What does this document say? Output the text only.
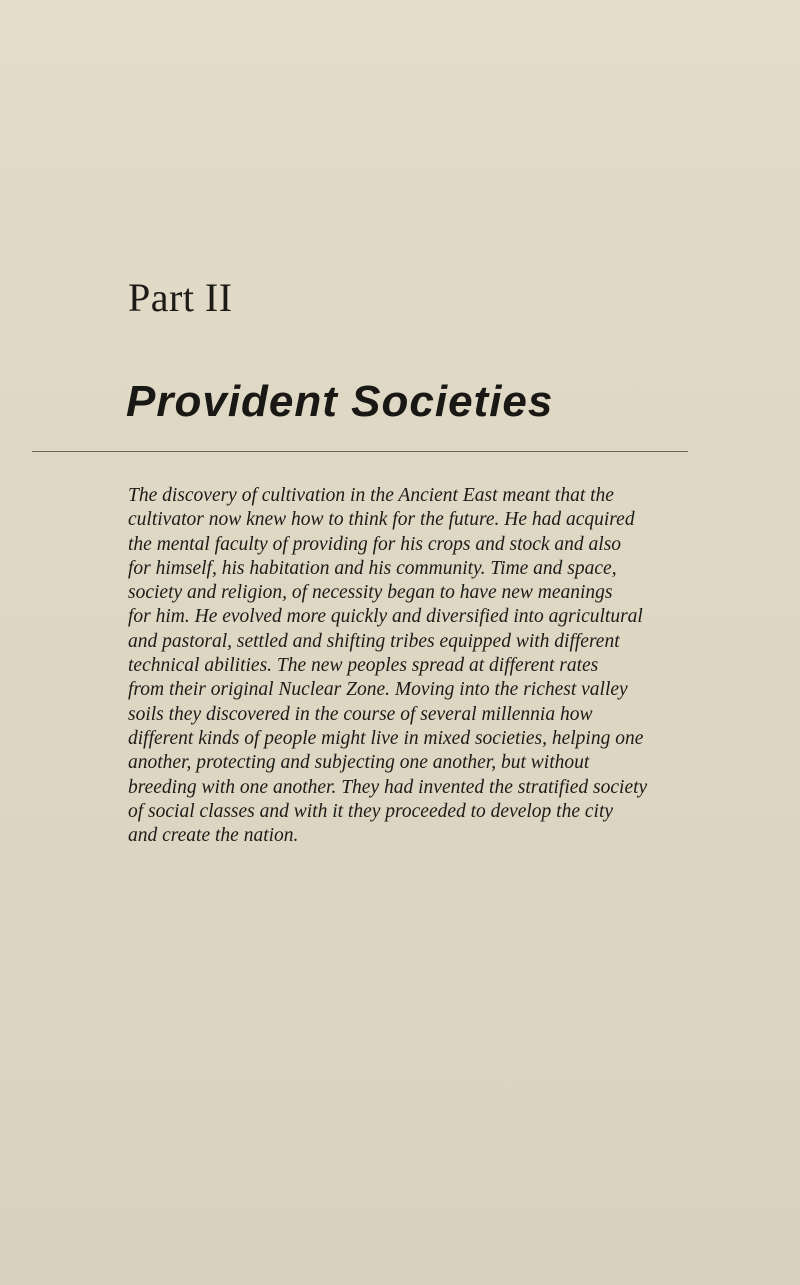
Part II
Provident Societies

The discovery of cultivation in the Ancient East meant that the
cultivator now knew how to think for the future. He had acquired
the mental faculty of providing for his crops and stock and also
for himself, his habitation and his community. Time and space,
society and religion, of necessity began to have new meanings
for him. He evolved more quickly and diversified into agricultural
and pastoral, settled and shifting tribes equipped with different
technical abilities. The new peoples spread at different rates
from their original Nuclear Zone. Moving into the richest valley
soils they discovered in the course of several millennia how
different kinds of people might live in mixed societies, helping one
another, protecting and subjecting one another, but without
breeding with one another. They had invented the stratified society
of social classes and with it they proceeded to develop the city
and create the nation.
